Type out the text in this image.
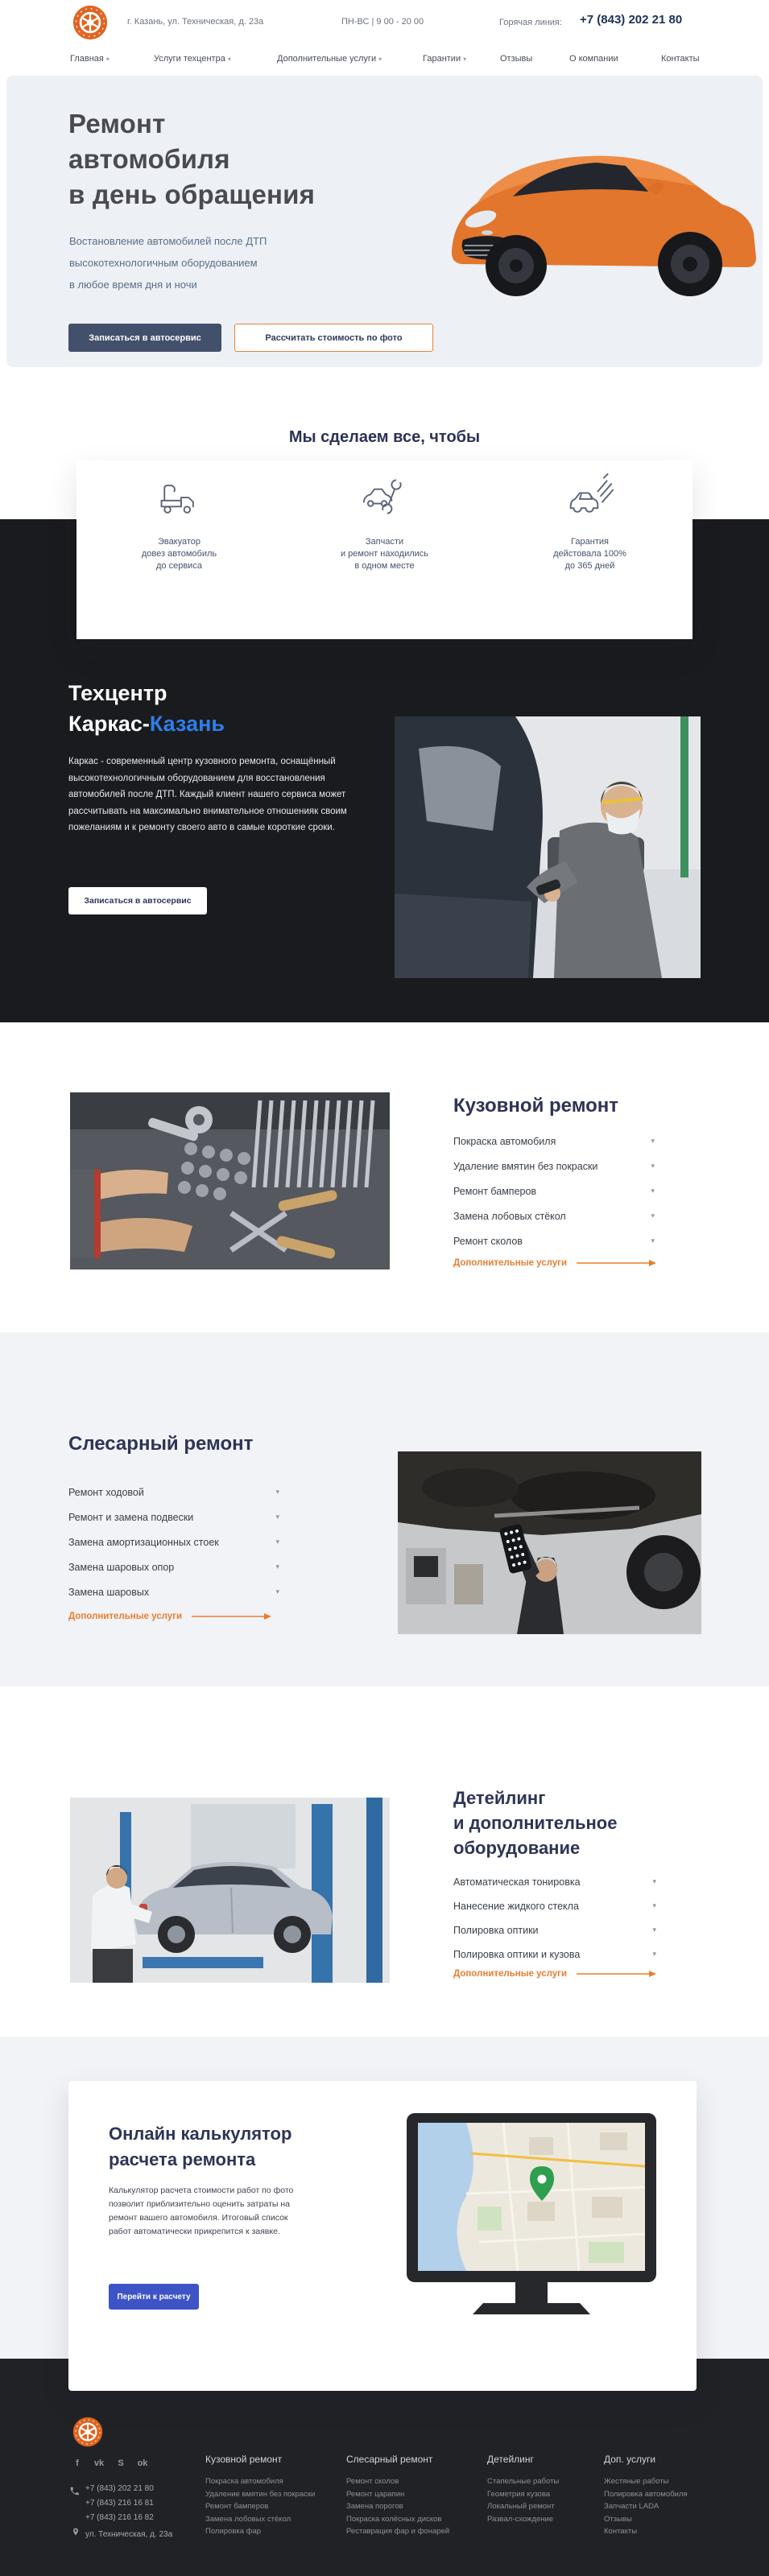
г. Казань, ул. Техническая, д. 23а	ПН-ВС | 9 00 - 20 00	Горячая линия: +7 (843) 202 21 80
Главная ▾	Услуги техцентра ▾	Дополнительные услуги ▾	Гарантии ▾	Отзывы	О компании	Контакты
Ремонт
автомобиля
в день обращения
Востановление автомобилей после ДТП
высокотехнологичным оборудованием
в любое время дня и ночи
Записаться в автосервис	Рассчитать стоимость по фото
Мы сделаем все, чтобы
Эвакуатор
довез автомобиль
до сервиса
Запчасти
и ремонт находились
в одном месте
Гарантия
дейстовала 100%
до 365 дней
Техцентр
Каркас-Казань
Каркас - современный центр кузовного ремонта, оснащённый высокотехнологичным оборудованием для восстановления автомобилей после ДТП. Каждый клиент нашего сервиса может рассчитывать на максимально внимательное отношенияк своим пожеланиям и к ремонту своего авто в самые короткие сроки.
Записаться в автосервис
Кузовной ремонт
Покраска автомобиля	▾
Удаление вмятин без покраски	▾
Ремонт бамперов	▾
Замена лобовых стёкол	▾
Ремонт сколов	▾
Дополнительные услуги
Слесарный ремонт
Ремонт ходовой	▾
Ремонт и замена подвески	▾
Замена амортизационных стоек	▾
Замена шаровых опор	▾
Замена шаровых	▾
Дополнительные услуги
Детейлинг
и дополнительное
оборудование
Автоматическая тонировка	▾
Нанесение жидкого стекла	▾
Полировка оптики	▾
Полировка оптики и кузова	▾
Дополнительные услуги
f vk S ok
+7 (843) 202 21 80
+7 (843) 216 16 81
+7 (843) 216 16 82
ул. Техническая, д. 23а
Кузовной ремонт
Покраска автомобиля
Удаление вмятин без покраски
Ремонт бамперов
Замена лобовых стёкол
Полировка фар
Слесарный ремонт
Ремонт сколов
Ремонт царапин
Замена порогов
Покраска колёсных дисков
Реставрация фар и фонарей
Детейлинг
Стапельные работы
Геометрия кузова
Локальный ремонт
Развал-схождение
Доп. услуги
Жестяные работы
Полировка автомобиля
Запчасти LADA
Отзывы
Контакты
Онлайн калькулятор
расчета ремонта
Калькулятор расчета стоимости работ по фото позволит приблизительно оценить затраты на ремонт вашего автомобиля. Итоговый список работ автоматически прикрепится к заявке.
Перейти к расчету
